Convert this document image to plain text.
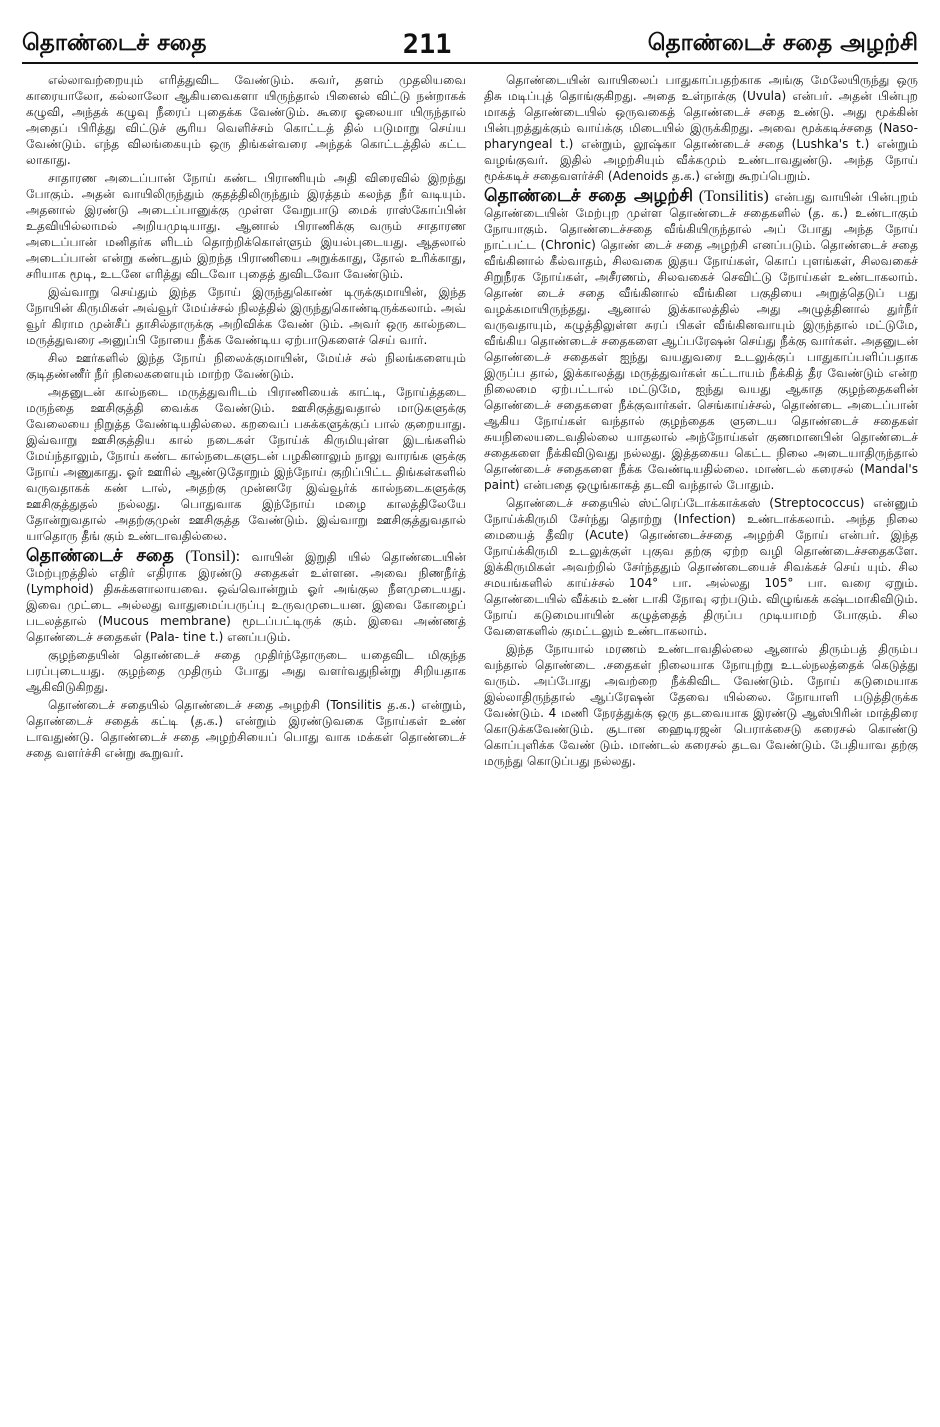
தொண்டைச் சதை	211	தொண்டைச் சதை அழற்சி

எல்லாவற்றையும் எரித்துவிட வேண்டும். சுவர், தளம் முதலியவை காரையாலோ, கல்லாலோ ஆகியவைகளா யிருந்தால் பினைல் விட்டு நன்றாகக் கழுவி, அந்தக் கழுவு நீரைப் புதைக்க வேண்டும். கூரை ஓலையா யிருந்தால் அதைப் பிரித்து விட்டுச் சூரிய வெளிச்சம் கொட்டத் தில் படுமாறு செய்ய வேண்டும். எந்த விலங்கையும் ஒரு திங்கள்வரை அந்தக் கொட்டத்தில் கட்ட லாகாது.

சாதாரண அடைப்பான் நோய் கண்ட பிராணியும் அதி விரைவில் இறந்து போகும். அதன் வாயிலிருந்தும் குதத்திலிருந்தும் இரத்தம் கலந்த நீர் வடியும். அதனால் இரண்டு அடைப்பானுக்கு முள்ள வேறுபாடு மைக் ராஸ்கோப்பின் உதவியில்லாமல் அறியமுடியாது. ஆனால் பிராணிக்கு வரும் சாதாரண அடைப்பான் மனிதர்க ளிடம் தொற்றிக்கொள்ளும் இயல்புடையது. ஆதலால் அடைப்பான் என்று கண்டதும் இறந்த பிராணியை அறுக்காது, தோல் உரிக்காது, சரியாக மூடி, உடனே எரித்து விடவோ புதைத் துவிடவோ வேண்டும்.

இவ்வாறு செய்தும் இந்த நோய் இருந்துகொண் டிருக்குமாயின், இந்த நோயின் கிருமிகள் அவ்வூர் மேய்ச்சல் நிலத்தில் இருந்துகொண்டிருக்கலாம். அவ் வூர் கிராம முன்சீப் தாசில்தாருக்கு அறிவிக்க வேண் டும். அவர் ஒரு கால்நடை மருத்துவரை அனுப்பி நோயை நீக்க வேண்டிய ஏற்பாடுகளைச் செய் வார்.

சில ஊர்களில் இந்த நோய் நிலைக்குமாயின், மேய்ச் சல் நிலங்களையும் குடிதண்ணீர் நீர் நிலைகளையும் மாற்ற வேண்டும்.

அதனுடன் கால்நடை மருத்துவரிடம் பிராணியைக் காட்டி, நோய்த்தடை மருந்தை ஊசிகுத்தி வைக்க வேண்டும். ஊசிகுத்துவதால் மாடுகளுக்கு வேலையை நிறுத்த வேண்டியதில்லை. கறவைப் பசுக்களுக்குப் பால் குறையாது. இவ்வாறு ஊசிகுத்திய கால் நடைகள் நோய்க் கிருமியுள்ள இடங்களில் மேய்ந்தாலும், நோய் கண்ட கால்நடைகளுடன் பழகினாலும் நாலு வாரங்க ளுக்கு நோய் அணுகாது. ஓர் ஊரில் ஆண்டுதோறும் இந்நோய் குறிப்பிட்ட திங்கள்களில் வருவதாகக் கண் டால், அதற்கு முன்னரே இவ்வூர்க் கால்நடைகளுக்கு ஊசிகுத்துதல் நல்லது. பொதுவாக இந்நோய் மழை காலத்திலேயே தோன்றுவதால் அதற்குமுன் ஊசிகுத்த வேண்டும். இவ்வாறு ஊசிகுத்துவதால் யாதொரு தீங் கும் உண்டாவதில்லை.

தொண்டைச் சதை (Tonsil): வாயின் இறுதி யில் தொண்டையின் மேற்புறத்தில் எதிர் எதிராக இரண்டு சதைகள் உள்ளன. அவை நிணநீர்த் (Lymphoid) திசுக்களாலாயவை. ஒவ்வொன்றும் ஓர் அங்குல நீளமுடையது. இவை முட்டை அல்லது வாதுமைப்பருப்பு உருவமுடையன. இவை கோழைப் படலத்தால் (Mucous membrane) மூடப்பட்டிருக் கும். இவை அண்ணத் தொண்டைச் சதைகள் (Pala- tine t.) எனப்படும்.

குழந்தையின் தொண்டைச் சதை முதிர்ந்தோருடை யதைவிட மிகுந்த பரப்புடையது. குழந்தை முதிரும் போது அது வளர்வதுநின்று சிறியதாக ஆகிவிடுகிறது.

தொண்டைச் சதையில் தொண்டைச் சதை அழற்சி (Tonsilitis த.க.) என்றும், தொண்டைச் சதைக் கட்டி (த.க.) என்றும் இரண்டுவகை நோய்கள் உண் டாவதுண்டு. தொண்டைச் சதை அழற்சியைப் பொது வாக மக்கள் தொண்டைச் சதை வளர்ச்சி என்று கூறுவர்.

தொண்டையின் வாயிலைப் பாதுகாப்பதற்காக அங்கு மேலேயிருந்து ஒரு திசு மடிப்புத் தொங்குகிறது. அதை உள்நாக்கு (Uvula) என்பர். அதன் பின்புற மாகத் தொண்டையில் ஒருவகைத் தொண்டைச் சதை உண்டு. அது மூக்கின் பின்புறத்துக்கும் வாய்க்கு மிடையில் இருக்கிறது. அவை மூக்கடிச்சதை (Naso- pharyngeal t.) என்றும், லூஷ்கா தொண்டைச் சதை (Lushka's t.) என்றும் வழங்குவர். இதில் அழற்சியும் வீக்கமும் உண்டாவதுண்டு. அந்த நோய் மூக்கடிச் சதைவளர்ச்சி (Adenoids த.க.) என்று கூறப்பெறும்.

தொண்டைச் சதை அழற்சி (Tonsilitis) என்பது வாயின் பின்புறம் தொண்டையின் மேற்புற முள்ள தொண்டைச் சதைகளில் (த. க.) உண்டாகும் நோயாகும். தொண்டைச்சதை வீங்கியிருந்தால் அப் போது அந்த நோய் நாட்பட்ட (Chronic) தொண் டைச் சதை அழற்சி எனப்படும். தொண்டைச் சதை வீங்கினால் கீல்வாதம், சிலவகை இதய நோய்கள், கொப் புளங்கள், சிலவகைச் சிறுநீரக நோய்கள், அசீரணம், சிலவகைச் செவிட்டு நோய்கள் உண்டாகலாம். தொண் டைச் சதை வீங்கினால் வீங்கின பகுதியை அறுத்தெடுப் பது வழக்கமாயிருந்தது. ஆனால் இக்காலத்தில் அது அழுத்தினால் துர்நீர் வருவதாயும், கழுத்திலுள்ள சுரப் பிகள் வீங்கினவாயும் இருந்தால் மட்டுமே, வீங்கிய தொண்டைச் சதைகளை ஆப்பரேஷன் செய்து நீக்கு வார்கள். அதனுடன் தொண்டைச் சதைகள் ஐந்து வயதுவரை உடலுக்குப் பாதுகாப்பளிப்பதாக இருப்ப தால், இக்காலத்து மருத்துவர்கள் கட்டாயம் நீக்கித் தீர வேண்டும் என்ற நிலைமை ஏற்பட்டால் மட்டுமே, ஐந்து வயது ஆகாத குழந்தைகளின் தொண்டைச் சதைகளை நீக்குவார்கள். செங்காய்ச்சல், தொண்டை அடைப்பான் ஆகிய நோய்கள் வந்தால் குழந்தைக ளுடைய தொண்டைச் சதைகள் சுயநிலையடைவதில்லை யாதலால் அந்நோய்கள் குணமானபின் தொண்டைச் சதைகளை நீக்கிவிடுவது நல்லது. இத்தகைய கெட்ட நிலை அடையாதிருந்தால் தொண்டைச் சதைகளை நீக்க வேண்டியதில்லை. மாண்டல் கரைசல் (Mandal's paint) என்பதை ஒழுங்காகத் தடவி வந்தால் போதும்.

தொண்டைச் சதையில் ஸ்ட்ரெப்டோக்காக்கஸ் (Streptococcus) என்னும் நோய்க்கிருமி சேர்ந்து தொற்று (Infection) உண்டாக்கலாம். அந்த நிலை மையைத் தீவிர (Acute) தொண்டைச்சதை அழற்சி நோய் என்பர். இந்த நோய்க்கிருமி உடலுக்குள் புகுவ தற்கு ஏற்ற வழி தொண்டைச்சதைகளே. இக்கிருமிகள் அவற்றில் சேர்ந்ததும் தொண்டையைச் சிவக்கச் செய் யும். சில சமயங்களில் காய்ச்சல் 104° பா. அல்லது 105° பா. வரை ஏறும். தொண்டையில் வீக்கம் உண் டாகி நோவு ஏற்படும். விழுங்கக் கஷ்டமாகிவிடும். நோய் கடுமையாயின் கழுத்தைத் திருப்ப முடியாமற் போகும். சில வேளைகளில் குமட்டலும் உண்டாகலாம்.

இந்த நோயால் மரணம் உண்டாவதில்லை ஆனால் திரும்பத் திரும்ப வந்தால் தொண்டை .சதைகள் நிலையாக நோயுற்று உடல்நலத்தைக் கெடுத்து வரும். அப்போது அவற்றை நீக்கிவிட வேண்டும். நோய் கடுமையாக இல்லாதிருந்தால் ஆப்ரேஷன் தேவை யில்லை. நோயாளி படுத்திருக்க வேண்டும். 4 மணி நேரத்துக்கு ஒரு தடவையாக இரண்டு ஆஸ்பிரின் மாத்திரை கொடுக்கவேண்டும். சூடான ஹைடிரஜன் பெராக்சைடு கரைசல் கொண்டு கொப்புளிக்க வேண் டும். மாண்டல் கரைசல் தடவ வேண்டும். பேதியாவ தற்கு மருந்து கொடுப்பது நல்லது.
